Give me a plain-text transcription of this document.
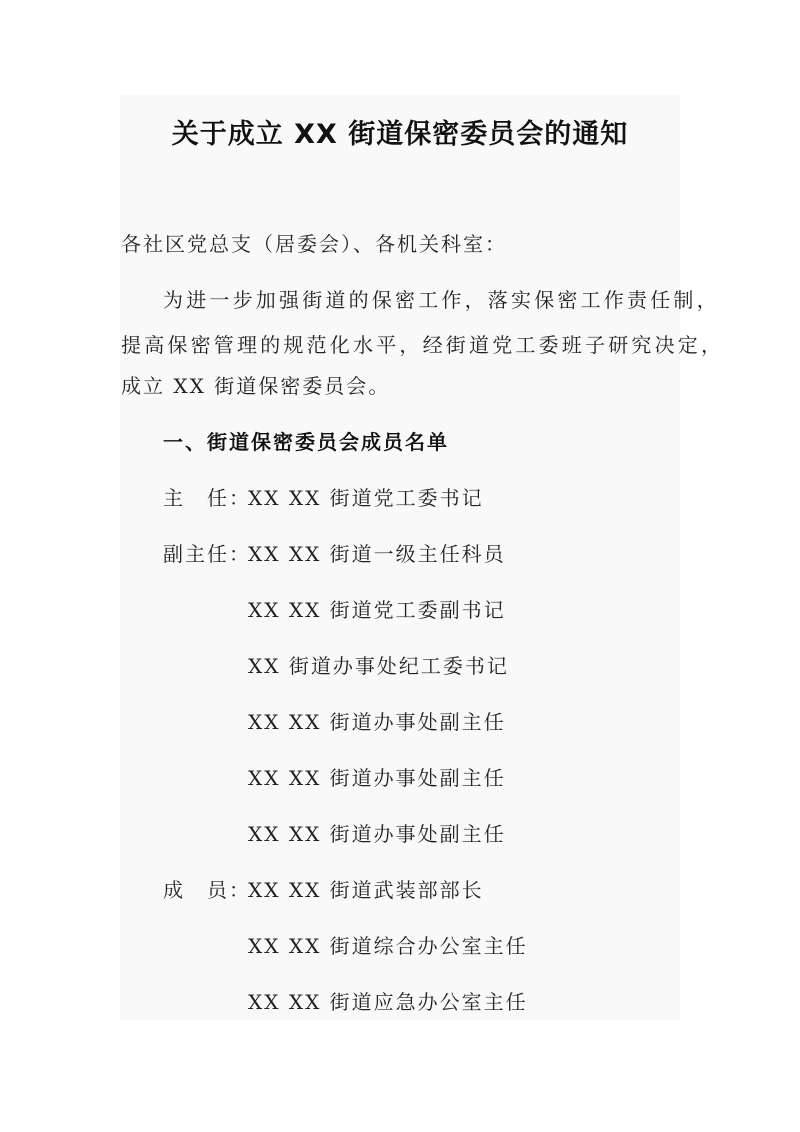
关于成立 XX 街道保密委员会的通知
各社区党总支（居委会）、各机关科室：
为进一步加强街道的保密工作，落实保密工作责任制，
提高保密管理的规范化水平，经街道党工委班子研究决定，
成立 XX 街道保密委员会。
一、街道保密委员会成员名单
主　任：
XX XX 街道党工委书记
副主任：
XX XX 街道一级主任科员
XX XX 街道党工委副书记
XX 街道办事处纪工委书记
XX XX 街道办事处副主任
XX XX 街道办事处副主任
XX XX 街道办事处副主任
成　员：
XX XX 街道武装部部长
XX XX 街道综合办公室主任
XX XX 街道应急办公室主任
